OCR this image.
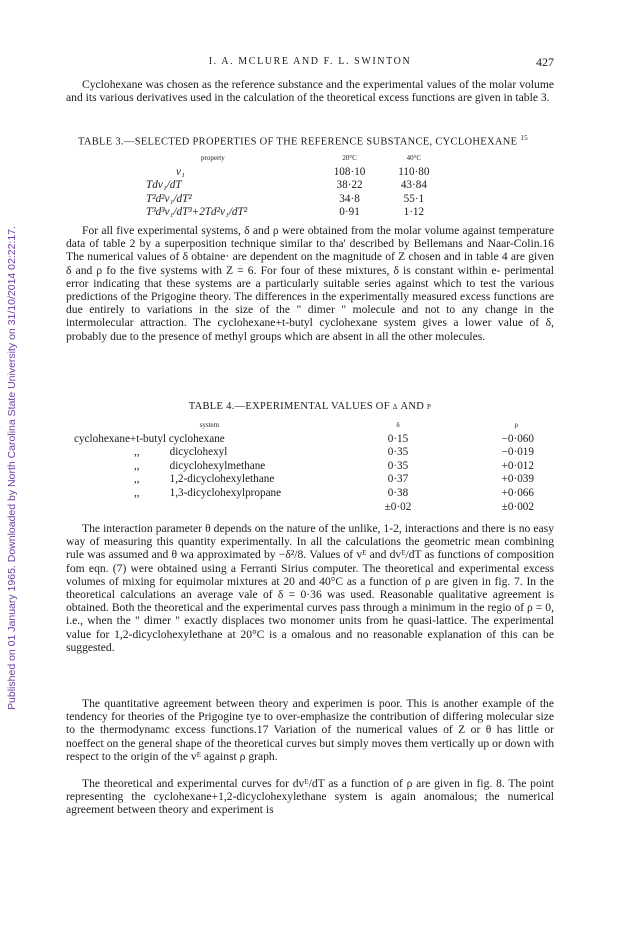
Published on 01 January 1965. Downloaded by North Carolina State University on 31/10/2014 02:22:17.
I. A. MCLURE AND F. L. SWINTON	427

Cyclohexane was chosen as the reference substance and the experimental values of the molar volume and its various derivatives used in the calculation of the theoretical excess functions are given in table 3.

TABLE 3.—SELECTED PROPERTIES OF THE REFERENCE SUBSTANCE, CYCLOHEXANE $^{15}$
property	20°C	40°C
v₁	108·10	110·80
Tdv₁/dT	38·22	43·84
T²d²v₁/dT²	34·8	55·1
T³d³v₁/dT³+2Td²v₁/dT²	0·91	1·12

For all five experimental systems, δ and ρ were obtained from the molar volume against temperature data of table 2 by a superposition technique similar to tha' described by Bellemans and Naar-Colin.16 The numerical values of δ obtaine⋅ are dependent on the magnitude of Z chosen and in table 4 are given δ and ρ fo the five systems with Z = 6. For four of these mixtures, δ is constant within e- perimental error indicating that these systems are a particularly suitable series against which to test the various predictions of the Prigogine theory. The differences in the experimentally measured excess functions are due entirely to variations in the size of the " dimer " molecule and not to any change in the intermolecular attraction. The cyclohexane+t-butyl cyclohexane system gives a lower value of δ, probably due to the presence of methyl groups which are absent in all the other molecules.

TABLE 4.—EXPERIMENTAL VALUES OF δ AND ρ
	system	δ	ρ
cyclohexane+t-butyl cyclohexane		0·15	−0·060
,,	dicyclohexyl	0·35	−0·019
,,	dicyclohexylmethane	0·35	+0·012
,,	1,2-dicyclohexylethane	0·37	+0·039
,,	1,3-dicyclohexylpropane	0·38	+0·066
		±0·02	±0·002

The interaction parameter θ depends on the nature of the unlike, 1-2, interactions and there is no easy way of measuring this quantity experimentally. In all the calculations the geometric mean combining rule was assumed and θ wa approximated by −δ²/8. Values of vᴱ and dvᴱ/dT as functions of composition fom eqn. (7) were obtained using a Ferranti Sirius computer. The theoretical and experimental excess volumes of mixing for equimolar mixtures at 20 and 40°C as a function of ρ are given in fig. 7. In the theoretical calculations an average vale of δ = 0·36 was used. Reasonable qualitative agreement is obtained. Both the theoretical and the experimental curves pass through a minimum in the regio of ρ = 0, i.e., when the " dimer " exactly displaces two monomer units from he quasi-lattice. The experimental value for 1,2-dicyclohexylethane at 20°C is a omalous and no reasonable explanation of this can be suggested.

The quantitative agreement between theory and experimen is poor. This is another example of the tendency for theories of the Prigogine tye to over-emphasize the contribution of differing molecular size to the thermodynamc excess functions.17 Variation of the numerical values of Z or θ has little or noeffect on the general shape of the theoretical curves but simply moves them vertically up or down with respect to the origin of the vᴱ against ρ graph.

The theoretical and experimental curves for dvᴱ/dT as a function of ρ are given in fig. 8. The point representing the cyclohexane+1,2-dicyclohexylethane system is again anomalous; the numerical agreement between theory and experiment is
